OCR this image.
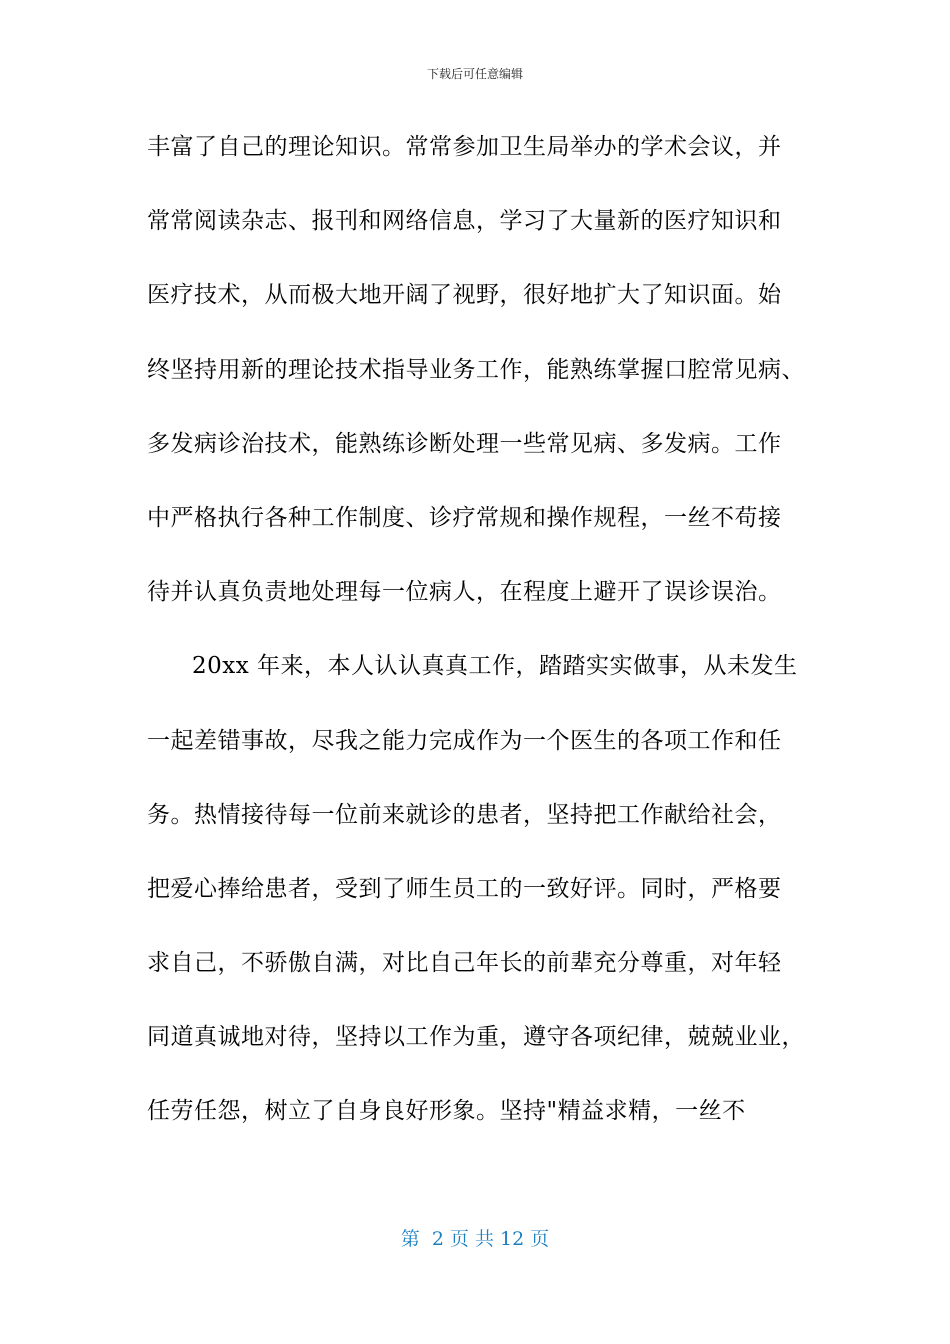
下载后可任意编辑
丰富了自己的理论知识。常常参加卫生局举办的学术会议，并
常常阅读杂志、报刊和网络信息，学习了大量新的医疗知识和
医疗技术，从而极大地开阔了视野，很好地扩大了知识面。始
终坚持用新的理论技术指导业务工作，能熟练掌握口腔常见病、
多发病诊治技术，能熟练诊断处理一些常见病、多发病。工作
中严格执行各种工作制度、诊疗常规和操作规程，一丝不苟接
待并认真负责地处理每一位病人，在程度上避开了误诊误治。
20xx 年来，本人认认真真工作，踏踏实实做事，从未发生
一起差错事故，尽我之能力完成作为一个医生的各项工作和任
务。热情接待每一位前来就诊的患者，坚持把工作献给社会，
把爱心捧给患者，受到了师生员工的一致好评。同时，严格要
求自己，不骄傲自满，对比自己年长的前辈充分尊重，对年轻
同道真诚地对待，坚持以工作为重，遵守各项纪律，兢兢业业，
任劳任怨，树立了自身良好形象。坚持"精益求精，一丝不
第  2 页 共 12 页
